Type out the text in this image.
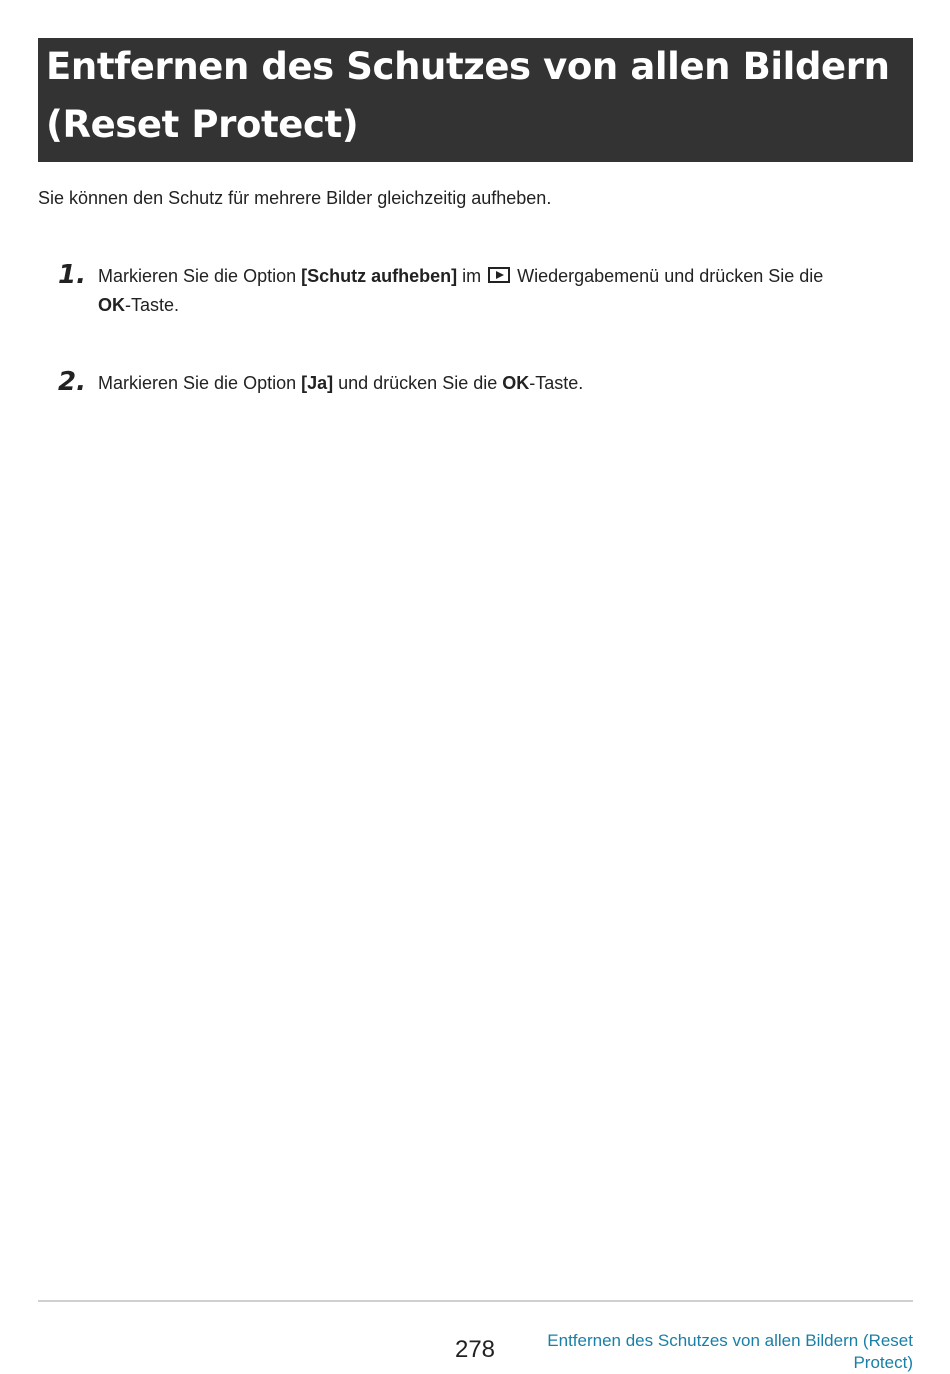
Entfernen des Schutzes von allen Bildern
(Reset Protect)

Sie können den Schutz für mehrere Bilder gleichzeitig aufheben.

1. Markieren Sie die Option [Schutz aufheben] im  Wiedergabemenü und drücken Sie die
OK-Taste.

2. Markieren Sie die Option [Ja] und drücken Sie die OK-Taste.

278	Entfernen des Schutzes von allen Bildern (Reset
Protect)
